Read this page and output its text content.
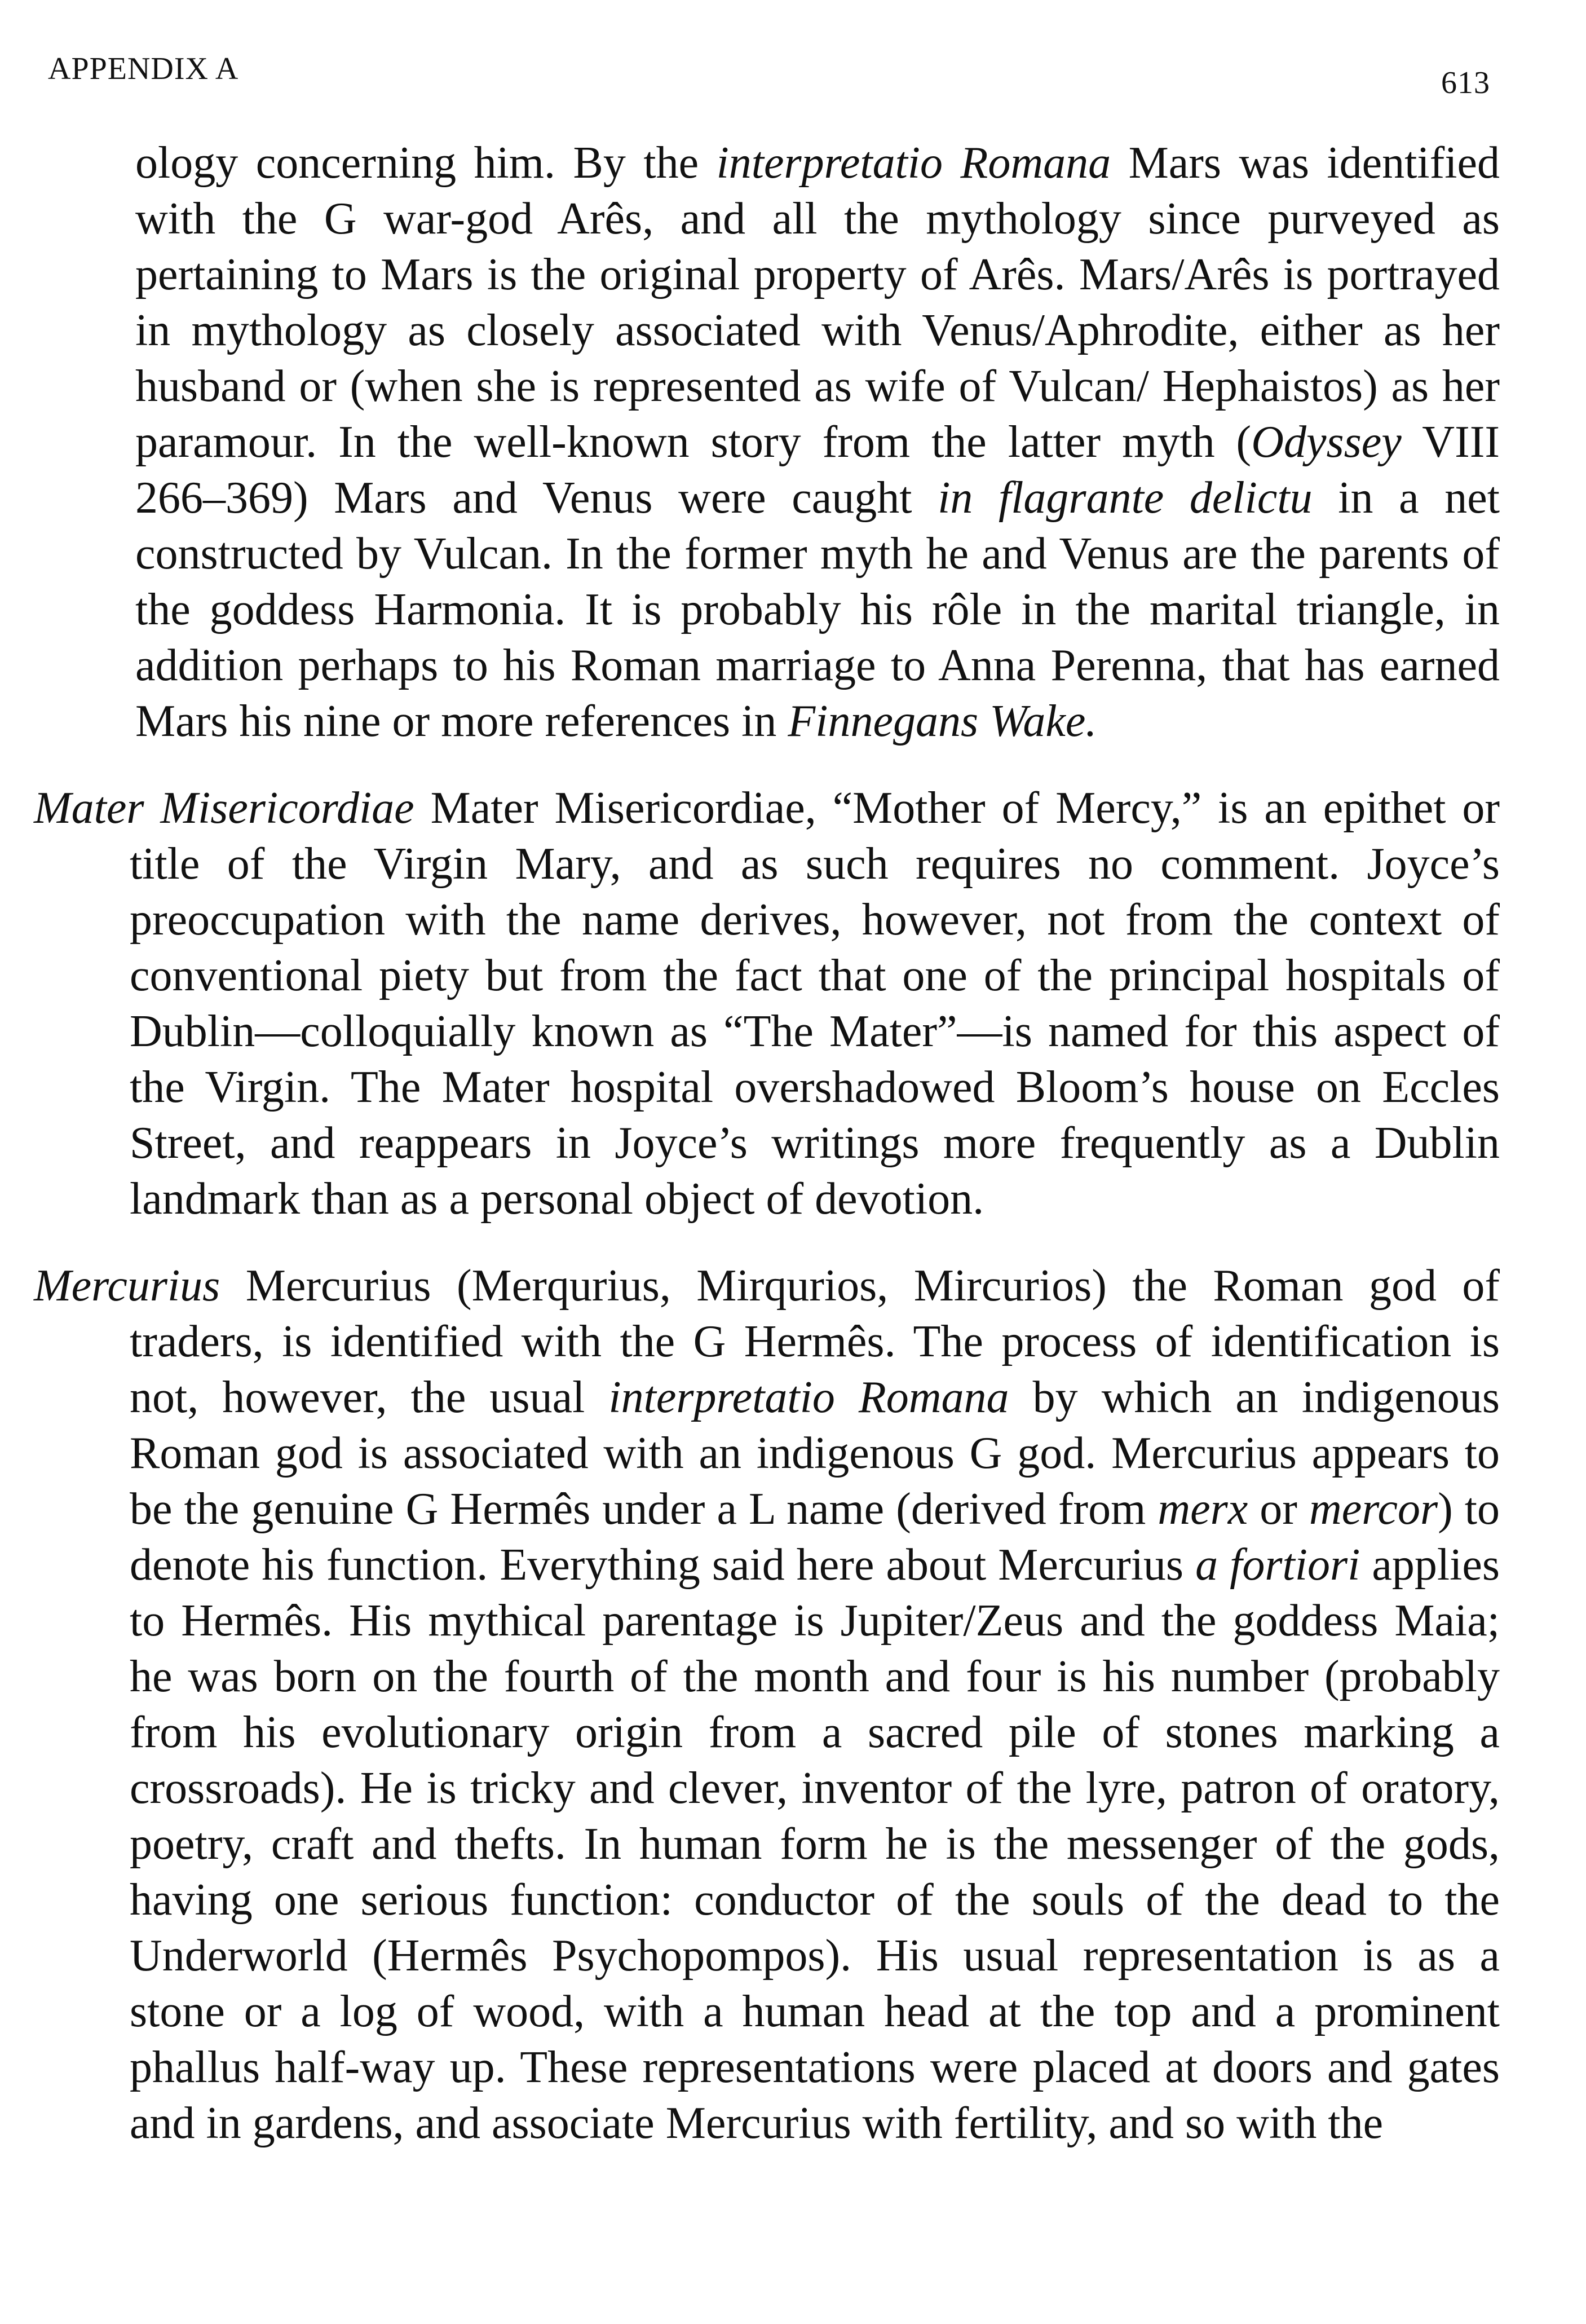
APPENDIX A	613

ology concerning him. By the interpretatio Romana Mars was identified with the G war-god Arês, and all the mythology since purveyed as pertaining to Mars is the original property of Arês. Mars/Arês is portrayed in mythology as closely associated with Venus/Aphrodite, either as her husband or (when she is represented as wife of Vulcan/ Hephaistos) as her paramour. In the well-known story from the latter myth (Odyssey VIII 266–369) Mars and Venus were caught in flagrante delictu in a net constructed by Vulcan. In the former myth he and Venus are the parents of the goddess Harmonia. It is probably his rôle in the marital triangle, in addition perhaps to his Roman marriage to Anna Perenna, that has earned Mars his nine or more references in Finnegans Wake.

Mater Misericordiae Mater Misericordiae, “Mother of Mercy,” is an epithet or title of the Virgin Mary, and as such requires no comment. Joyce’s preoccupation with the name derives, however, not from the context of conventional piety but from the fact that one of the principal hospitals of Dublin—colloquially known as “The Mater”—is named for this aspect of the Virgin. The Mater hospital overshadowed Bloom’s house on Eccles Street, and reappears in Joyce’s writings more frequently as a Dublin landmark than as a personal object of devotion.

Mercurius Mercurius (Merqurius, Mirqurios, Mircurios) the Roman god of traders, is identified with the G Hermês. The process of identification is not, however, the usual interpretatio Romana by which an indigenous Roman god is associated with an indigenous G god. Mercurius appears to be the genuine G Hermês under a L name (derived from merx or mercor) to denote his function. Everything said here about Mercurius a fortiori applies to Hermês. His mythical parentage is Jupiter/Zeus and the goddess Maia; he was born on the fourth of the month and four is his number (probably from his evolutionary origin from a sacred pile of stones marking a crossroads). He is tricky and clever, inventor of the lyre, patron of oratory, poetry, craft and thefts. In human form he is the messenger of the gods, having one serious function: conductor of the souls of the dead to the Underworld (Hermês Psychopompos). His usual representation is as a stone or a log of wood, with a human head at the top and a prominent phallus half-way up. These representations were placed at doors and gates and in gardens, and associate Mercurius with fertility, and so with the
